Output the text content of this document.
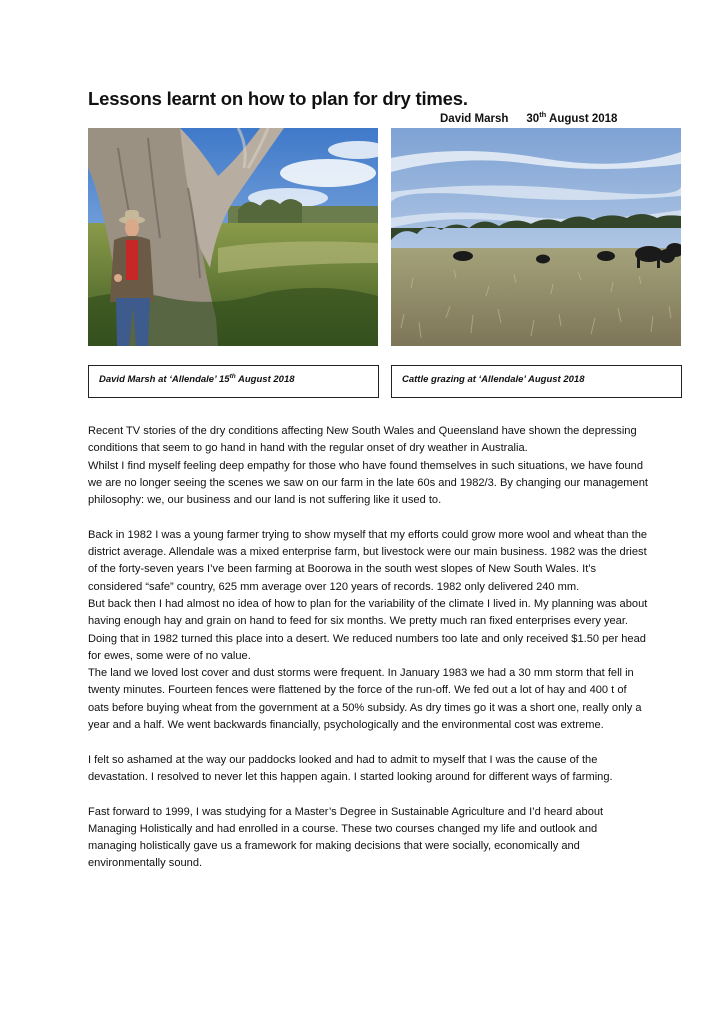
Lessons learnt on how to plan for dry times.
David Marsh 30th August 2018
David Marsh at ‘Allendale’ 15th August 2018	Cattle grazing at ‘Allendale’ August 2018

Recent TV stories of the dry conditions affecting New South Wales and Queensland have shown the depressing conditions that seem to go hand in hand with the regular onset of dry weather in Australia.

Whilst I find myself feeling deep empathy for those who have found themselves in such situations, we have found we are no longer seeing the scenes we saw on our farm in the late 60s and 1982/3. By changing our management philosophy: we, our business and our land is not suffering like it used to.

Back in 1982 I was a young farmer trying to show myself that my efforts could grow more wool and wheat than the district average. Allendale was a mixed enterprise farm, but livestock were our main business. 1982 was the driest of the forty-seven years I’ve been farming at Boorowa in the south west slopes of New South Wales. It’s considered “safe” country, 625 mm average over 120 years of records. 1982 only delivered 240 mm.

But back then I had almost no idea of how to plan for the variability of the climate I lived in. My planning was about having enough hay and grain on hand to feed for six months. We pretty much ran fixed enterprises every year. Doing that in 1982 turned this place into a desert. We reduced numbers too late and only received $1.50 per head for ewes, some were of no value.

The land we loved lost cover and dust storms were frequent. In January 1983 we had a 30 mm storm that fell in twenty minutes. Fourteen fences were flattened by the force of the run-off. We fed out a lot of hay and 400 t of oats before buying wheat from the government at a 50% subsidy. As dry times go it was a short one, really only a year and a half. We went backwards financially, psychologically and the environmental cost was extreme.

I felt so ashamed at the way our paddocks looked and had to admit to myself that I was the cause of the devastation. I resolved to never let this happen again. I started looking around for different ways of farming.

Fast forward to 1999, I was studying for a Master’s Degree in Sustainable Agriculture and I’d heard about Managing Holistically and had enrolled in a course. These two courses changed my life and outlook and managing holistically gave us a framework for making decisions that were socially, economically and environmentally sound.
